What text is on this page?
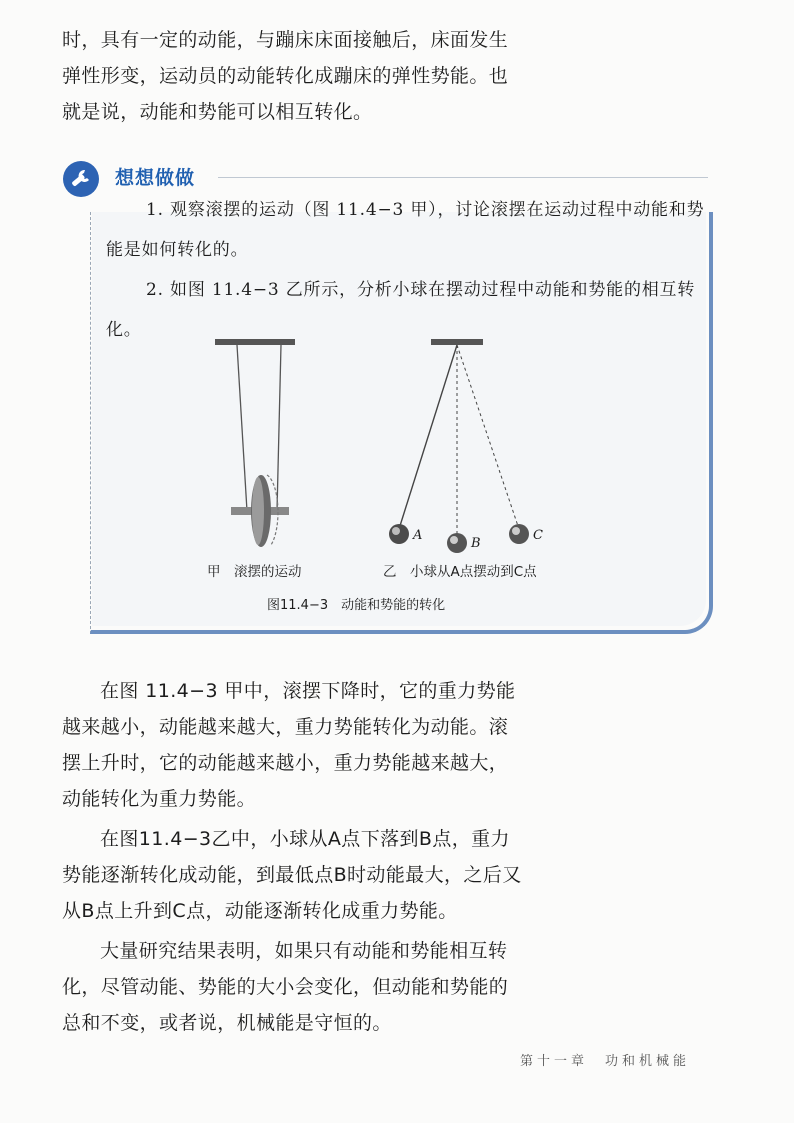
时，具有一定的动能，与蹦床床面接触后，床面发生弹性形变，运动员的动能转化成蹦床的弹性势能。也就是说，动能和势能可以相互转化。

想想做做

1. 观察滚摆的运动（图 11.4−3 甲），讨论滚摆在运动过程中动能和势能是如何转化的。

2. 如图 11.4−3 乙所示，分析小球在摆动过程中动能和势能的相互转化。

A
B
C
甲　滚摆的运动	乙　小球从A点摆动到C点
图11.4−3　动能和势能的转化

在图 11.4−3 甲中，滚摆下降时，它的重力势能越来越小，动能越来越大，重力势能转化为动能。滚摆上升时，它的动能越来越小，重力势能越来越大，动能转化为重力势能。

在图11.4−3乙中，小球从A点下落到B点，重力势能逐渐转化成动能，到最低点B时动能最大，之后又从B点上升到C点，动能逐渐转化成重力势能。

大量研究结果表明，如果只有动能和势能相互转化，尽管动能、势能的大小会变化，但动能和势能的总和不变，或者说，机械能是守恒的。

第十一章　功和机械能
